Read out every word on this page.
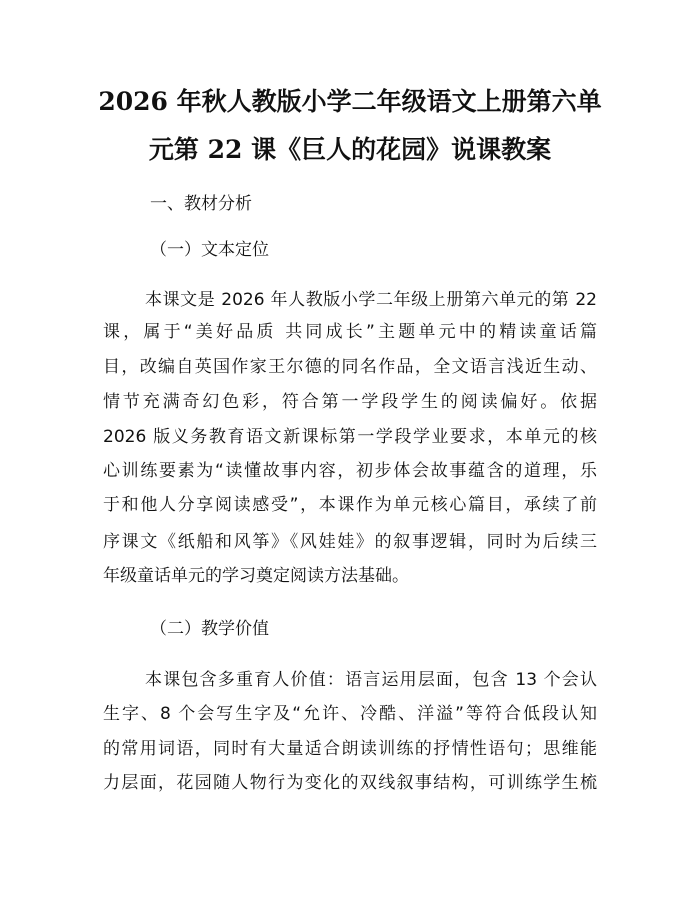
2026 年秋人教版小学二年级语文上册第六单
元第 22 课《巨人的花园》说课教案
一、教材分析
（一）文本定位
本课文是 2026 年人教版小学二年级上册第六单元的第 22
课，属于“美好品质 共同成长”主题单元中的精读童话篇
目，改编自英国作家王尔德的同名作品，全文语言浅近生动、
情节充满奇幻色彩，符合第一学段学生的阅读偏好。依据
2026 版义务教育语文新课标第一学段学业要求，本单元的核
心训练要素为“读懂故事内容，初步体会故事蕴含的道理，乐
于和他人分享阅读感受”，本课作为单元核心篇目，承续了前
序课文《纸船和风筝》《风娃娃》的叙事逻辑，同时为后续三
年级童话单元的学习奠定阅读方法基础。
（二）教学价值
本课包含多重育人价值：语言运用层面，包含 13 个会认
生字、8 个会写生字及“允许、冷酷、洋溢”等符合低段认知
的常用词语，同时有大量适合朗读训练的抒情性语句；思维能
力层面，花园随人物行为变化的双线叙事结构，可训练学生梳
